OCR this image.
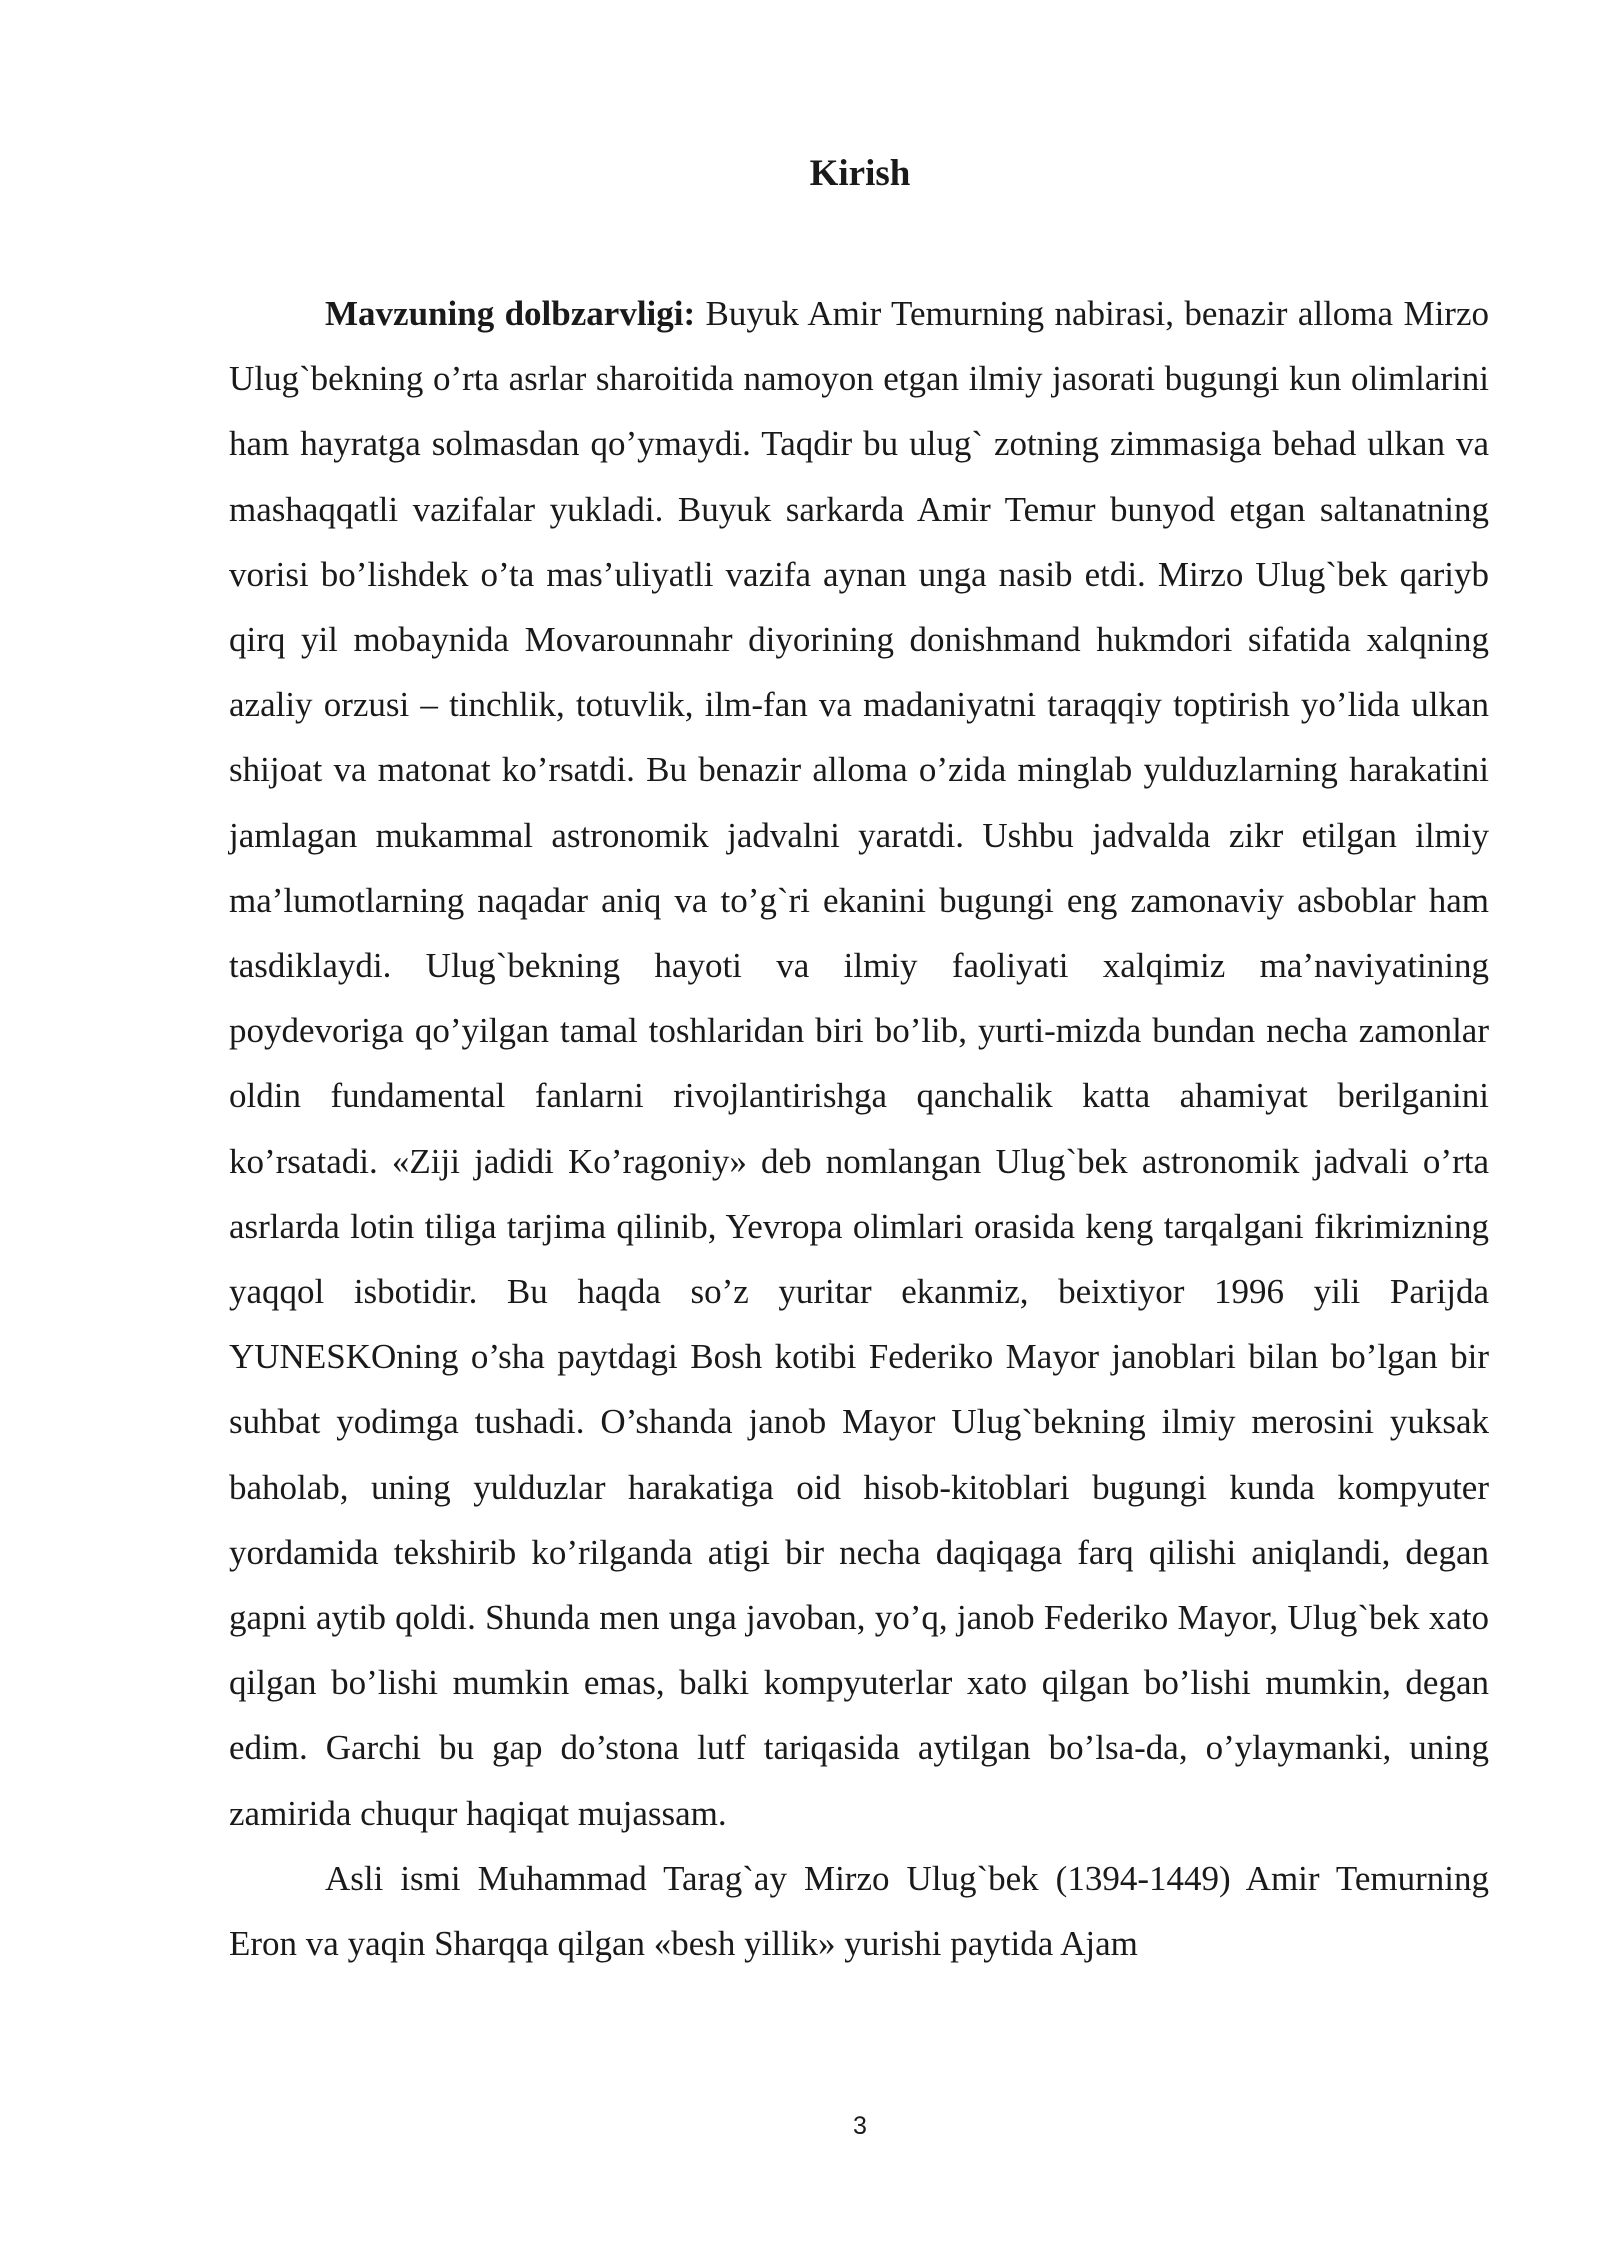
Kirish

Mavzuning dolbzarvligi: Buyuk Amir Temurning nabirasi, benazir alloma Mirzo Ulug`bekning o’rta asrlar sharoitida namoyon etgan ilmiy jasorati bugungi kun olimlarini ham hayratga solmasdan qo’ymaydi. Taqdir bu ulug` zotning zimmasiga behad ulkan va mashaqqatli vazifalar yukladi. Buyuk sarkarda Amir Temur bunyod etgan saltanatning vorisi bo’lishdek o’ta mas’uliyatli vazifa aynan unga nasib etdi. Mirzo Ulug`bek qariyb qirq yil mobaynida Movarounnahr diyorining donishmand hukmdori sifatida xalqning azaliy orzusi – tinchlik, totuvlik, ilm-fan va madaniyatni taraqqiy toptirish yo’lida ulkan shijoat va matonat ko’rsatdi. Bu benazir alloma o’zida minglab yulduzlarning harakatini jamlagan mukammal astronomik jadvalni yaratdi. Ushbu jadvalda zikr etilgan ilmiy ma’lumotlarning naqadar aniq va to’g`ri ekanini bugungi eng zamonaviy asboblar ham tasdiklaydi. Ulug`bekning hayoti va ilmiy faoliyati xalqimiz ma’naviyatining poydevoriga qo’yilgan tamal toshlaridan biri bo’lib, yurti-mizda bundan necha zamonlar oldin fundamental fanlarni rivojlantirishga qanchalik katta ahamiyat berilganini ko’rsatadi. «Ziji jadidi Ko’ragoniy» deb nomlangan Ulug`bek astronomik jadvali o’rta asrlarda lotin tiliga tarjima qilinib, Yevropa olimlari orasida keng tarqalgani fikrimizning yaqqol isbotidir. Bu haqda so’z yuritar ekanmiz, beixtiyor 1996 yili Parijda YUNESKOning o’sha paytdagi Bosh kotibi Federiko Mayor janoblari bilan bo’lgan bir suhbat yodimga tushadi. O’shanda janob Mayor Ulug`bekning ilmiy merosini yuksak baholab, uning yulduzlar harakatiga oid hisob-kitoblari bugungi kunda kompyuter yordamida tekshirib ko’rilganda atigi bir necha daqiqaga farq qilishi aniqlandi, degan gapni aytib qoldi. Shunda men unga javoban, yo’q, janob Federiko Mayor, Ulug`bek xato qilgan bo’lishi mumkin emas, balki kompyuterlar xato qilgan bo’lishi mumkin, degan edim. Garchi bu gap do’stona lutf tariqasida aytilgan bo’lsa-da, o’ylaymanki, uning zamirida chuqur haqiqat mujassam.

Asli ismi Muhammad Tarag`ay Mirzo Ulug`bek (1394-1449) Amir Temurning Eron va yaqin Sharqqa qilgan «besh yillik» yurishi paytida Ajam

3
